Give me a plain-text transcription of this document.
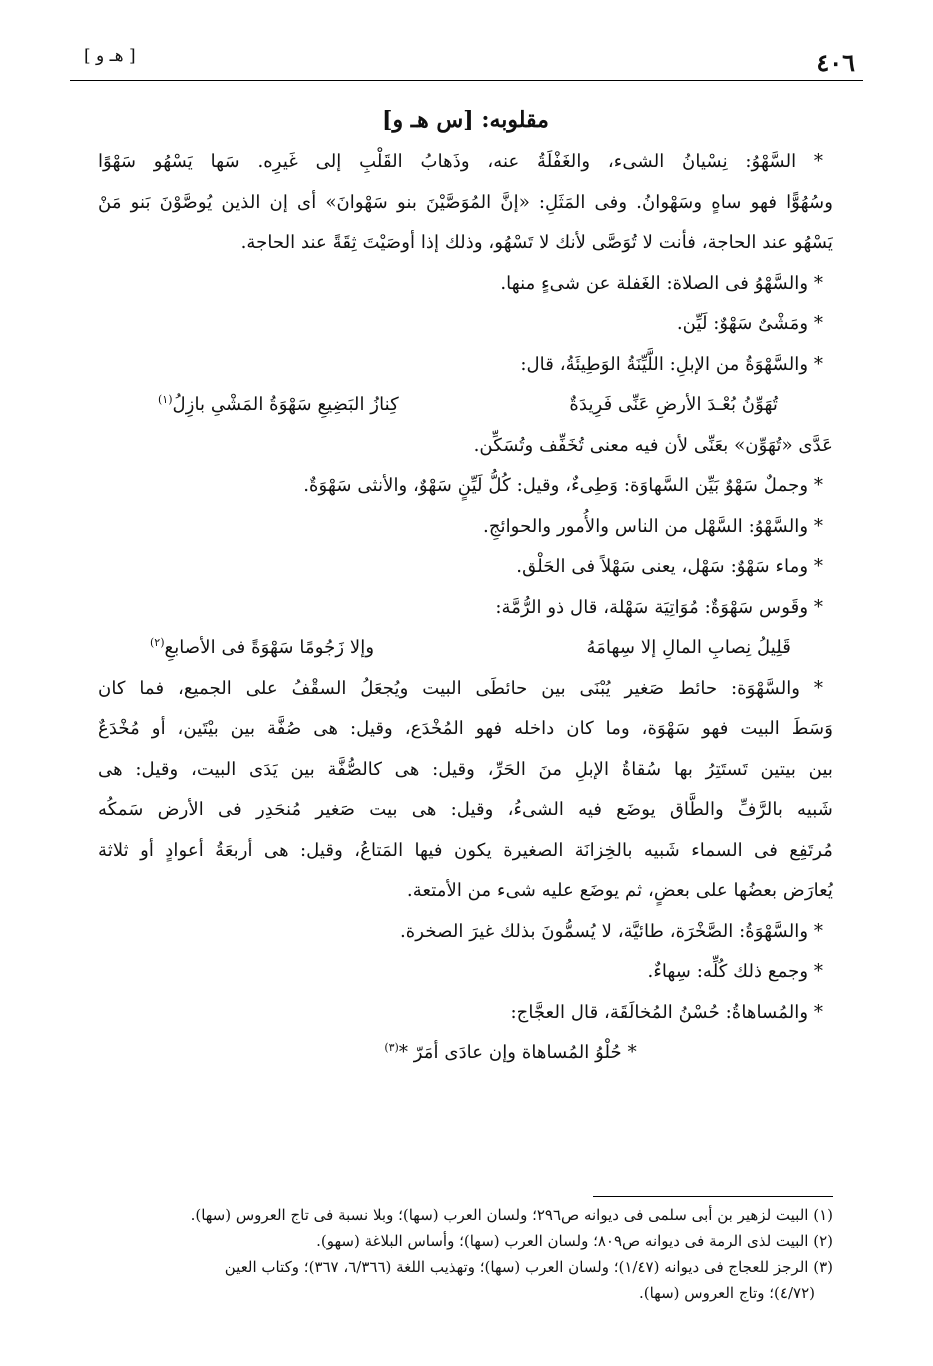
٤٠٦
[ هـ و ]
مقلوبه: [س هـ و]
* السَّهْوُ: نِسْيانُ الشىء، والغَفْلَةُ عنه، وذَهابُ القَلْبِ إلى غَيرِه. سَها يَسْهُو سَهْوًا
وسُهُوًّا فهو ساهٍ وسَهْوانُ. وفى المَثَلِ: «إنَّ المُوَصَّيْنَ بنو سَهْوانَ» أى إن الذين يُوصَّوْنَ بَنو مَنْ
يَسْهُو عند الحاجة، فأنت لا تُوَصَّى لأنك لا تَسْهُو، وذلك إذا أوصَيْتَ ثِقَةً عند الحاجة.
* والسَّهْوُ فى الصلاة: الغَفلة عن شىءٍ منها.
* ومَشْىٌ سَهْوٌ: لَيِّن.
* والسَّهْوَةُ من الإبلِ: اللَّيِّنَةُ الوَطِيئَةُ، قال:
تُهَوِّنُ بُعْـدَ الأرضِ عَنِّى فَرِيدَةٌ
كِنازُ البَضِيعِ سَهْوَةُ المَشْىِ بازِلُ$^{(١)}$
عَدَّى «تُهَوِّن» بعَنِّى لأن فيه معنى تُخَفِّف وتُسَكِّن.
* وجملٌ سَهْوٌ بَيِّن السَّهاوَة: وَطِىءٌ، وقيل: كُلُّ لَيِّنٍ سَهْوٌ، والأنثى سَهْوَةٌ.
* والسَّهْوُ: السَّهْل من الناس والأُمور والحوائجِ.
* وماء سَهْوٌ: سَهْل، يعنى سَهْلاً فى الحَلْق.
* وقَوس سَهْوَةٌ: مُوَاتِيَة سَهْلة، قال ذو الرُّمَّة:
قَلِيلُ نِصابِ المالِ إلا سِهامَهُ
وإلا زَجُومًا سَهْوَةً فى الأصابعِ$^{(٢)}$
* والسَّهْوَة: حائط صَغير يُبْنَى بين حائطَى البيت ويُجعَلُ السقْفُ على الجميع، فما كان
وَسَطَ البيت فهو سَهْوَة، وما كان داخله فهو المُخْدَع، وقيل: هى صُفَّة بين بيْتَين، أو مُخْدَعٌ
بين بيتين تَستَتِرُ بها سُقاةُ الإبلِ منَ الحَرِّ، وقيل: هى كالصُّفَّة بين يَدَى البيت، وقيل: هى
شَبيه بالرَّفِّ والطَّاق يوضَع فيه الشىءُ، وقيل: هى بيت صَغير مُنحَدِر فى الأرض سَمكُه
مُرتَفِع فى السماء شَبيه بالخِزانَة الصغيرة يكون فيها المَتاعُ، وقيل: هى أربعَةُ أعوادٍ أو ثلاثة
يُعارَض بعضُها على بعضٍ، ثم يوضَع عليه شىء من الأمتعة.
* والسَّهْوَةُ: الصَّخْرَة، طائيَّة، لا يُسمُّونَ بذلك غيرَ الصخرة.
* وجمع ذلك كُلِّه: سِهاءٌ.
* والمُساهاةُ: حُسْنُ المُخالَقَة، قال العجَّاج:
* حُلْوُ المُساهاة وإن عادَى أمَرّ *$^{(٣)}$
(١) البيت لزهير بن أبى سلمى فى ديوانه ص٢٩٦؛ ولسان العرب (سها)؛ وبلا نسبة فى تاج العروس (سها).
(٢) البيت لذى الرمة فى ديوانه ص٨٠٩؛ ولسان العرب (سها)؛ وأساس البلاغة (سهو).
(٣) الرجز للعجاج فى ديوانه (١/٤٧)؛ ولسان العرب (سها)؛ وتهذيب اللغة (٦/٣٦٦، ٣٦٧)؛ وكتاب العين
(٤/٧٢)؛ وتاج العروس (سها).
